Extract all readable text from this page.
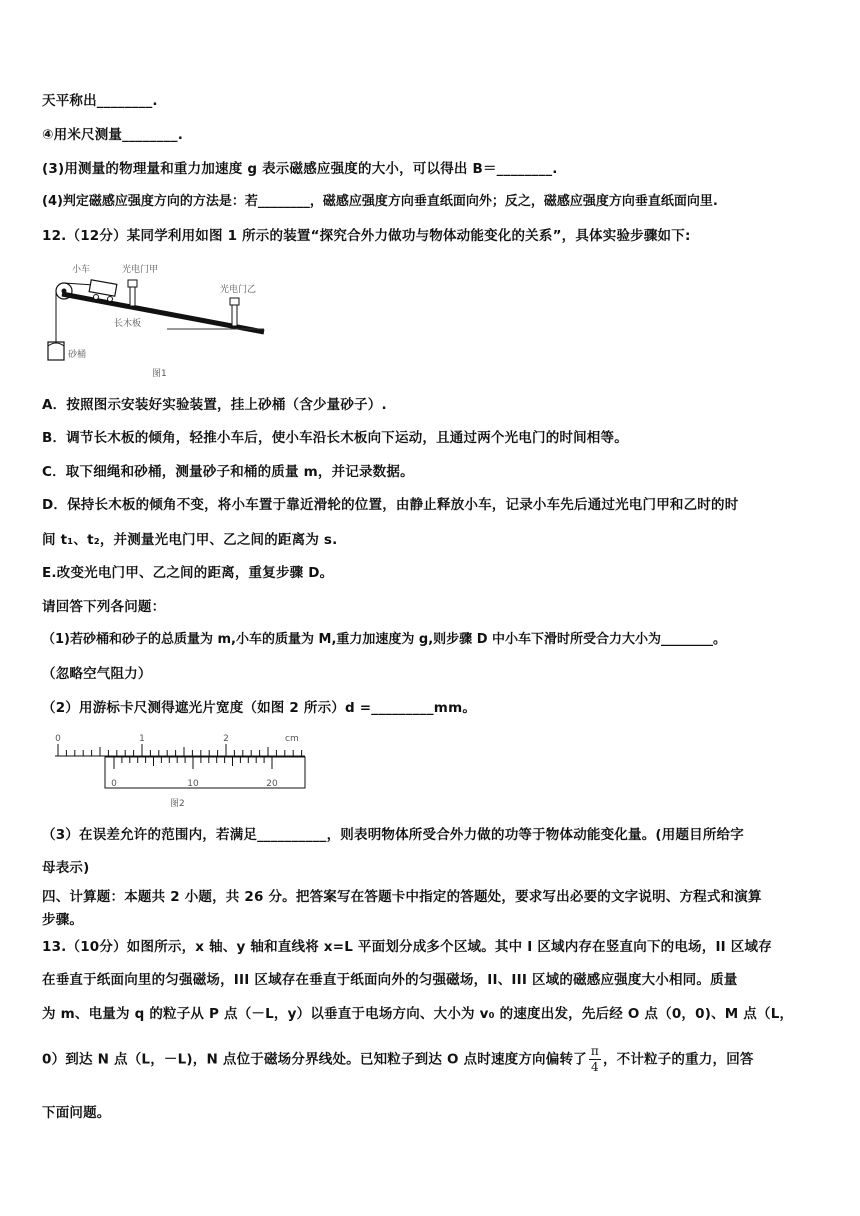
天平称出________.
④用米尺测量________.
(3)用测量的物理量和重力加速度 g 表示磁感应强度的大小，可以得出 B＝________.
(4)判定磁感应强度方向的方法是：若________，磁感应强度方向垂直纸面向外；反之，磁感应强度方向垂直纸面向里.
12.（12分）某同学利用如图 1 所示的装置“探究合外力做功与物体动能变化的关系”，具体实验步骤如下:
小车	光电门甲
光电门乙
长木板
砂桶
图1
A．按照图示安装好实验装置，挂上砂桶（含少量砂子）.
B．调节长木板的倾角，轻推小车后，使小车沿长木板向下运动，且通过两个光电门的时间相等。
C．取下细绳和砂桶，测量砂子和桶的质量 m，并记录数据。
D．保持长木板的倾角不变，将小车置于靠近滑轮的位置，由静止释放小车，记录小车先后通过光电门甲和乙时的时
间 t₁、t₂，并测量光电门甲、乙之间的距离为 s.
E.改变光电门甲、乙之间的距离，重复步骤 D。
请回答下列各问题：
（1)若砂桶和砂子的总质量为 m,小车的质量为 M,重力加速度为 g,则步骤 D 中小车下滑时所受合力大小为________。
（忽略空气阻力）
（2）用游标卡尺测得遮光片宽度（如图 2 所示）d =_________mm。
0	1	2	cm
0	10	20
图2
（3）在误差允许的范围内，若满足__________，则表明物体所受合外力做的功等于物体动能变化量。(用题目所给字
母表示)
四、计算题：本题共 2 小题，共 26 分。把答案写在答题卡中指定的答题处，要求写出必要的文字说明、方程式和演算
步骤。
13.（10分）如图所示，x 轴、y 轴和直线将 x=L 平面划分成多个区域。其中 I 区域内存在竖直向下的电场，II 区域存
在垂直于纸面向里的匀强磁场，III 区域存在垂直于纸面向外的匀强磁场，II、III 区域的磁感应强度大小相同。质量
为 m、电量为 q 的粒子从 P 点（－L，y）以垂直于电场方向、大小为 v₀ 的速度出发，先后经 O 点（0，0)、M 点（L，
0）到达 N 点（L，－L)，N 点位于磁场分界线处。已知粒子到达 O 点时速度方向偏转了 $\frac{\pi}{4}$ ，不计粒子的重力，回答
下面问题。
